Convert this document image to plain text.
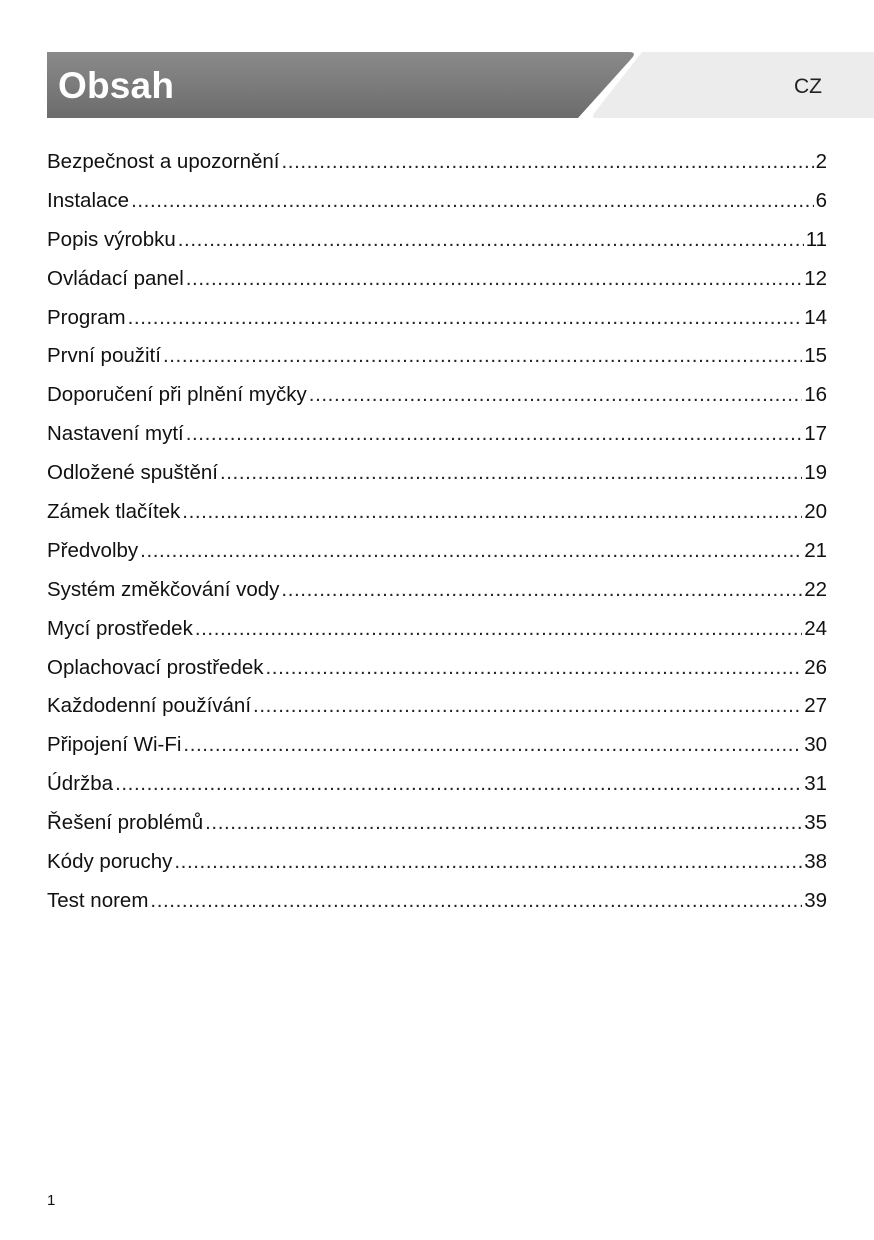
Obsah	CZ
Bezpečnost a upozornění .....	2
Instalace .....	6
Popis výrobku .....	11
Ovládací panel .....	12
Program .....	14
První použití .....	15
Doporučení při plnění myčky .....	16
Nastavení mytí .....	17
Odložené spuštění .....	19
Zámek tlačítek .....	20
Předvolby .....	21
Systém změkčování vody .....	22
Mycí prostředek .....	24
Oplachovací prostředek .....	26
Každodenní používání .....	27
Připojení Wi-Fi .....	30
Údržba .....	31
Řešení problémů .....	35
Kódy poruchy .....	38
Test norem .....	39
1
